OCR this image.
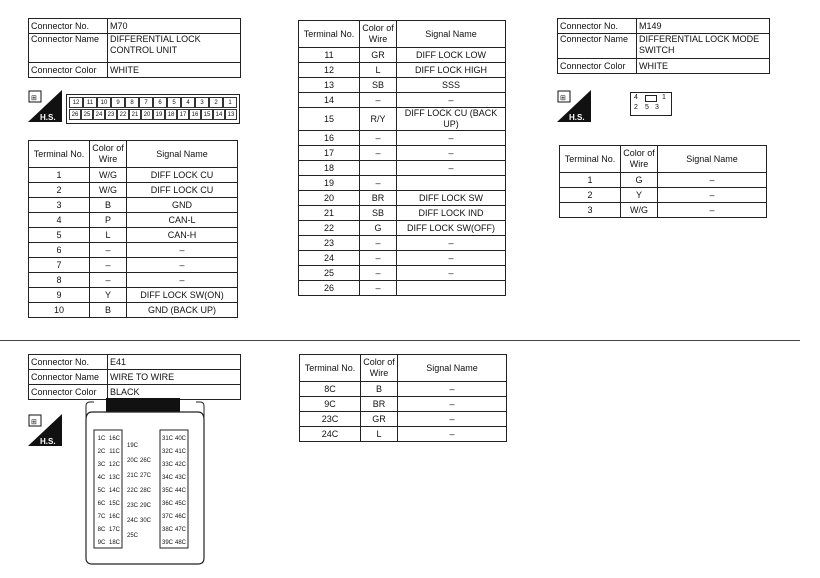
Connector No.	M70
Connector Name	DIFFERENTIAL LOCK CONTROL UNIT
Connector Color	WHITE
⊞
H.S.
12	11	10	9	8	7	6	5	4	3	2	1
26 25 24 23 22 21 20 19 18 17 16 15 14 13
Terminal No.	Color of Wire	Signal Name
1	W/G	DIFF LOCK CU
2	W/G	DIFF LOCK CU
3	B	GND
4	P	CAN-L
5	L	CAN-H
6	–	–
7	–	–
8	–	–
9	Y	DIFF LOCK SW(ON)
10	B	GND (BACK UP)
Terminal No.	Color of Wire	Signal Name
11	GR	DIFF LOCK LOW
12	L	DIFF LOCK HIGH
13	SB	SSS
14	–	–
15	R/Y	DIFF LOCK CU (BACK UP)
16	–	–
17	–	–
18		–
19	–	
20	BR	DIFF LOCK SW
21	SB	DIFF LOCK IND
22	G	DIFF LOCK SW(OFF)
23	–	–
24	–	–
25	–	–
26	–	
Connector No.	M149
Connector Name	DIFFERENTIAL LOCK MODE SWITCH
Connector Color	WHITE
⊞
H.S.
4	1
2 5 3
Terminal No.	Color of Wire	Signal Name
1	G	–
2	Y	–
3	W/G	–
Connector No.	E41
Connector Name	WIRE TO WIRE
Connector Color	BLACK
⊞
H.S.	1C 16C
2C 11C
3C 12C
4C 13C
5C 14C
6C 15C
7C 16C
8C 17C
9C 18C
19C
20C 26C
21C 27C
22C 28C
23C 29C
24C 30C
25C
31C 40C
32C 41C
33C 42C
34C 43C
35C 44C
36C 45C
37C 46C
38C 47C
39C 48C
Terminal No.	Color of Wire	Signal Name
8C	B	–
9C	BR	–
23C	GR	–
24C	L	–
